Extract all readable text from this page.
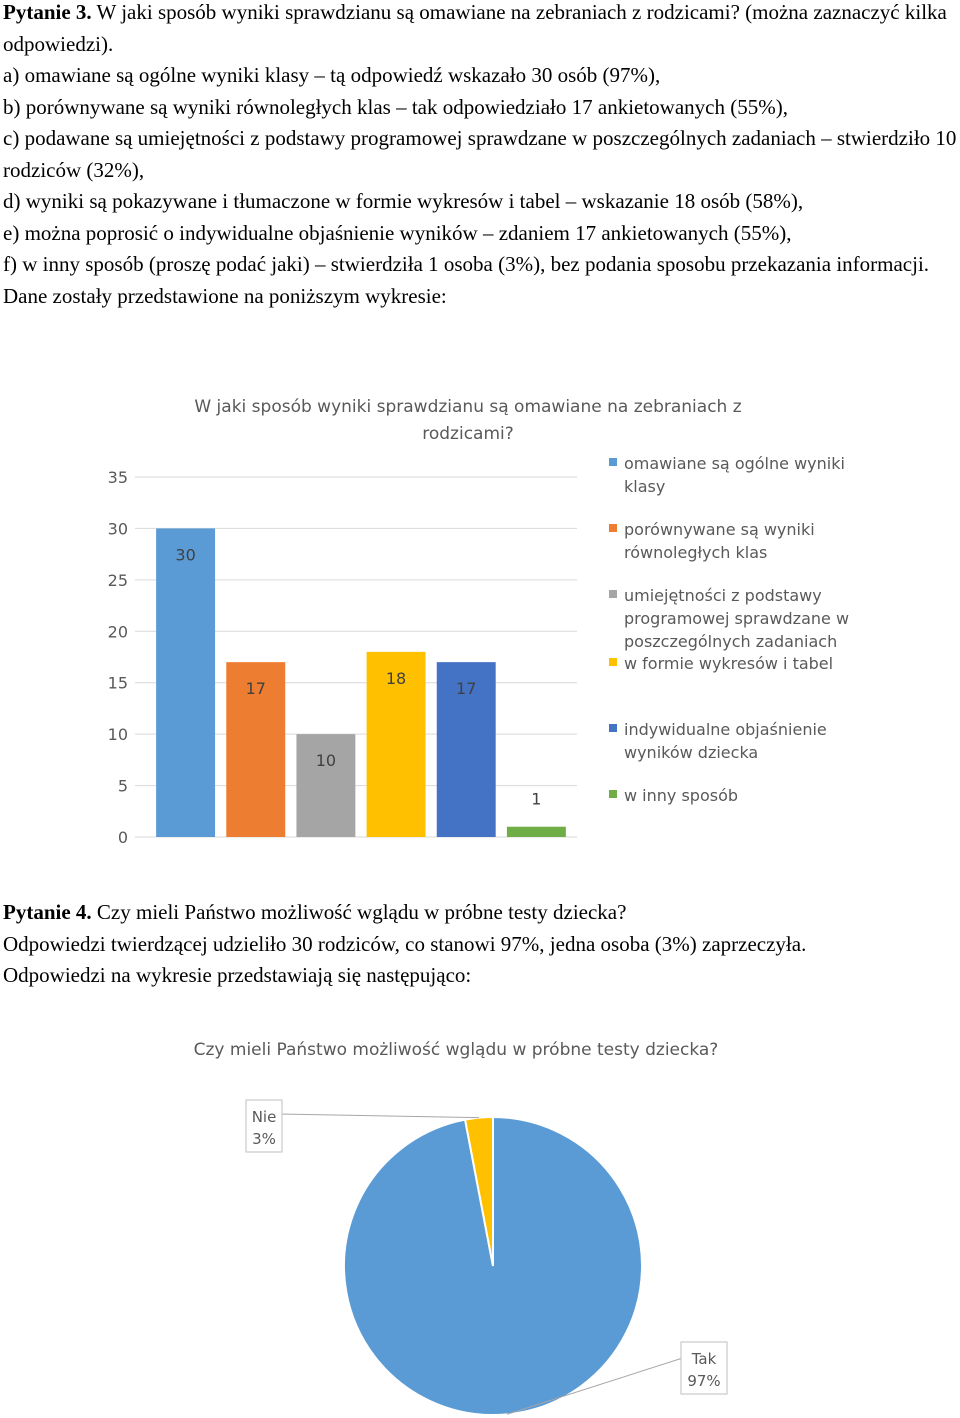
Pytanie 3. W jaki sposób wyniki sprawdzianu są omawiane na zebraniach z rodzicami? (można zaznaczyć kilka odpowiedzi).

a) omawiane są ogólne wyniki klasy – tą odpowiedź wskazało 30 osób (97%),

b) porównywane są wyniki równoległych klas – tak odpowiedziało 17 ankietowanych (55%),

c) podawane są umiejętności z podstawy programowej sprawdzane w poszczególnych zadaniach – stwierdziło 10 rodziców (32%),

d) wyniki są pokazywane i tłumaczone w formie wykresów i tabel – wskazanie 18 osób (58%),

e) można poprosić o indywidualne objaśnienie wyników – zdaniem 17 ankietowanych (55%),

f) w inny sposób (proszę podać jaki) – stwierdziła 1 osoba (3%), bez podania sposobu przekazania informacji.

Dane zostały przedstawione na poniższym wykresie:

W jaki sposób wyniki sprawdzianu są omawiane na zebraniach z
rodzicami?
0
5
10
15
20
25
30
35
30
17
10
18
17
1
omawiane są ogólne wyniki klasy
porównywane są wyniki równoległych klas
umiejętności z podstawy programowej sprawdzane w poszczególnych zadaniach
w formie wykresów i tabel
indywidualne objaśnienie wyników dziecka
w inny sposób

Pytanie 4. Czy mieli Państwo możliwość wglądu w próbne testy dziecka?

Odpowiedzi twierdzącej udzieliło 30 rodziców, co stanowi 97%, jedna osoba (3%) zaprzeczyła.

Odpowiedzi na wykresie przedstawiają się następująco:

Czy mieli Państwo możliwość wglądu w próbne testy dziecka?
Tak
97%
Nie
3%
